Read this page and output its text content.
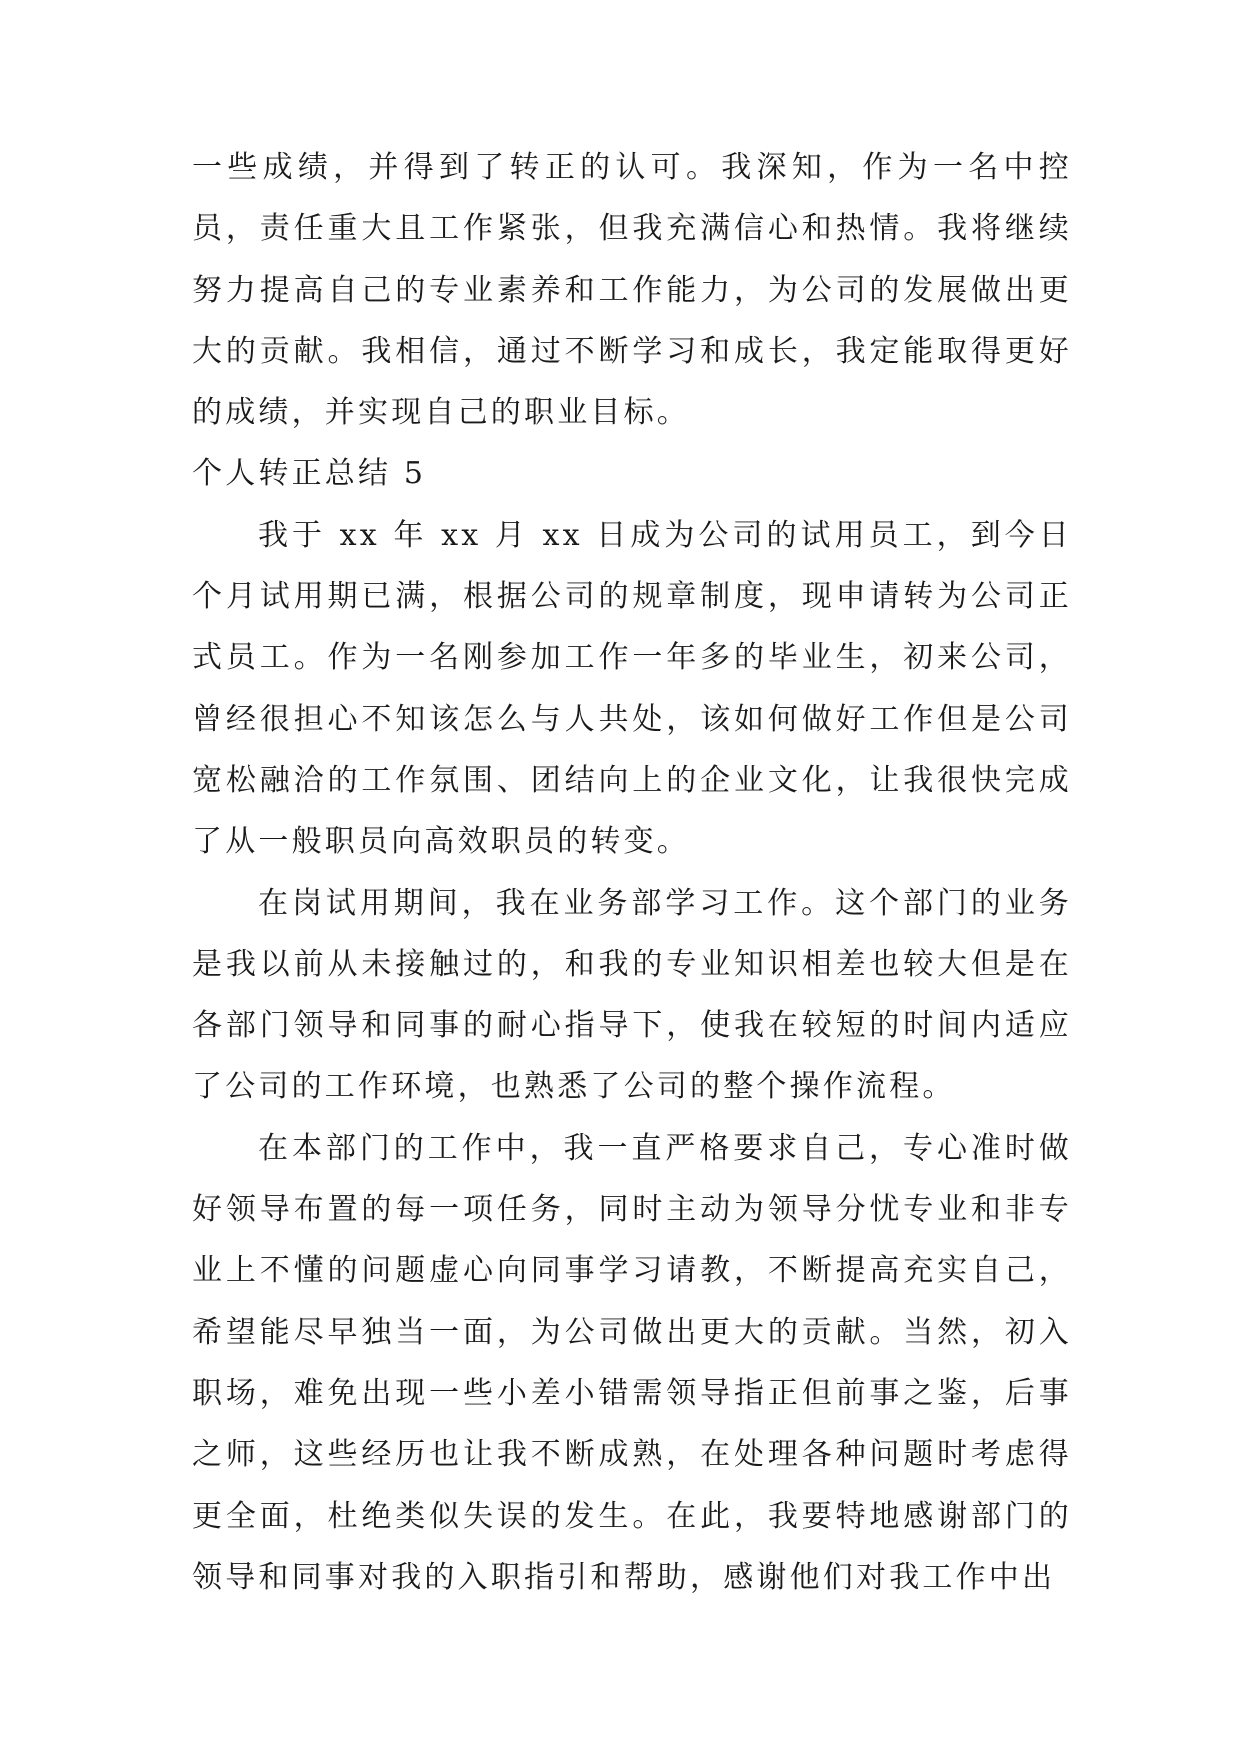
一些成绩，并得到了转正的认可。我深知，作为一名中控员，责任重大且工作紧张，但我充满信心和热情。我将继续努力提高自己的专业素养和工作能力，为公司的发展做出更大的贡献。我相信，通过不断学习和成长，我定能取得更好的成绩，并实现自己的职业目标。

个人转正总结 5

我于 xx 年 xx 月 xx 日成为公司的试用员工，到今日个月试用期已满，根据公司的规章制度，现申请转为公司正式员工。作为一名刚参加工作一年多的毕业生，初来公司，曾经很担心不知该怎么与人共处，该如何做好工作但是公司宽松融洽的工作氛围、团结向上的企业文化，让我很快完成了从一般职员向高效职员的转变。

在岗试用期间，我在业务部学习工作。这个部门的业务是我以前从未接触过的，和我的专业知识相差也较大但是在各部门领导和同事的耐心指导下，使我在较短的时间内适应了公司的工作环境，也熟悉了公司的整个操作流程。

在本部门的工作中，我一直严格要求自己，专心准时做好领导布置的每一项任务，同时主动为领导分忧专业和非专业上不懂的问题虚心向同事学习请教，不断提高充实自己，希望能尽早独当一面，为公司做出更大的贡献。当然，初入职场，难免出现一些小差小错需领导指正但前事之鉴，后事之师，这些经历也让我不断成熟，在处理各种问题时考虑得更全面，杜绝类似失误的发生。在此，我要特地感谢部门的领导和同事对我的入职指引和帮助，感谢他们对我工作中出
